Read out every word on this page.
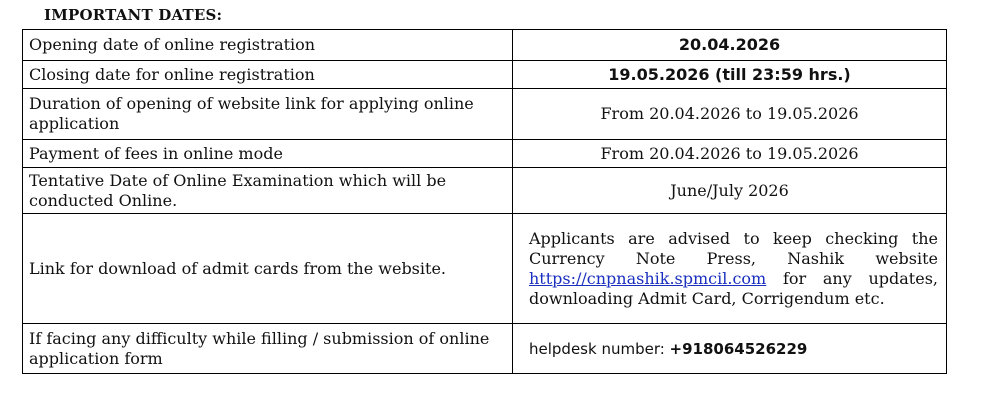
IMPORTANT DATES:
Opening date of online registration	20.04.2026
Closing date for online registration	19.05.2026 (till 23:59 hrs.)
Duration of opening of website link for applying online application	From 20.04.2026 to 19.05.2026
Payment of fees in online mode	From 20.04.2026 to 19.05.2026
Tentative Date of Online Examination which will be conducted Online.	June/July 2026
Link for download of admit cards from the website.	Applicants are advised to keep checking the Currency Note Press, Nashik website https://cnpnashik.spmcil.com for any updates, downloading Admit Card, Corrigendum etc.
If facing any difficulty while filling / submission of online application form	helpdesk number: +918064526229
